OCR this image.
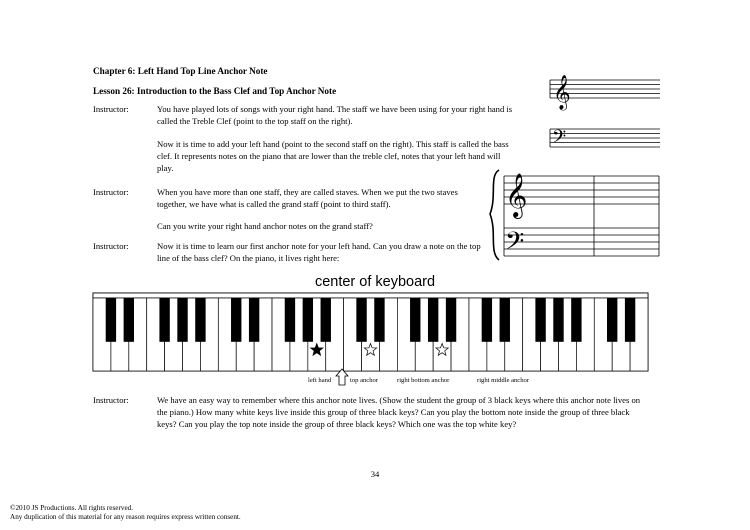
Chapter 6: Left Hand Top Line Anchor Note
Lesson 26: Introduction to the Bass Clef and Top Anchor Note
Instructor:	You have played lots of songs with your right hand. The staff we have been using for your right hand is called the Treble Clef (point to the top staff on the right).
Now it is time to add your left hand (point to the second staff on the right). This staff is called the bass clef. It represents notes on the piano that are lower than the treble clef, notes that your left hand will play.
Instructor:	When you have more than one staff, they are called staves. When we put the two staves together, we have what is called the grand staff (point to third staff).
Can you write your right hand anchor notes on the grand staff?
Instructor:	Now it is time to learn our first anchor note for your left hand. Can you draw a note on the top line of the bass clef? On the piano, it lives right here:
𝄞
𝄢
𝄞
𝄢
center of keyboard
left hand	top anchor	right bottom anchor	right middle anchor
Instructor:	We have an easy way to remember where this anchor note lives. (Show the student the group of 3 black keys where this anchor note lives on the piano.) How many white keys live inside this group of three black keys? Can you play the bottom note inside the group of three black keys? Can you play the top note inside the group of three black keys? Which one was the top white key?
34
©2010 JS Productions. All rights reserved.
Any duplication of this material for any reason requires express written consent.
